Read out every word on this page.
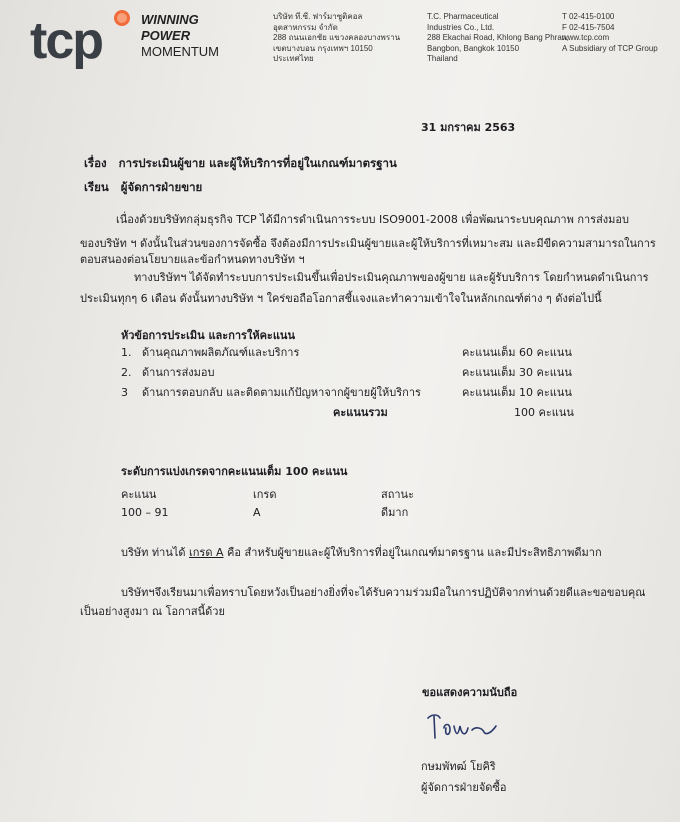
tcp	WINNING
POWER
MOMENTUM
บริษัท ที.ซี. ฟาร์มาซูติคอล
อุตสาหกรรม จำกัด
288 ถนนเอกชัย แขวงคลองบางพราน
เขตบางบอน กรุงเทพฯ 10150
ประเทศไทย
T.C. Pharmaceutical
Industries Co., Ltd.
288 Ekachai Road, Khlong Bang Phran,
Bangbon, Bangkok 10150
Thailand
T 02-415-0100
F 02-415-7504
www.tcp.com
A Subsidiary of TCP Group
31 มกราคม 2563
เรื่อง การประเมินผู้ขาย และผู้ให้บริการที่อยู่ในเกณฑ์มาตรฐาน
เรียน ผู้จัดการฝ่ายขาย
เนื่องด้วยบริษัทกลุ่มธุรกิจ TCP ได้มีการดำเนินการระบบ ISO9001-2008 เพื่อพัฒนาระบบคุณภาพ การส่งมอบ
ของบริษัท ฯ ดังนั้นในส่วนของการจัดซื้อ จึงต้องมีการประเมินผู้ขายและผู้ให้บริการที่เหมาะสม และมีขีดความสามารถในการ
ตอบสนองต่อนโยบายและข้อกำหนดทางบริษัท ฯ
ทางบริษัทฯ ได้จัดทำระบบการประเมินขึ้นเพื่อประเมินคุณภาพของผู้ขาย และผู้รับบริการ โดยกำหนดดำเนินการ
ประเมินทุกๆ 6 เดือน ดังนั้นทางบริษัท ฯ ใคร่ขอถือโอกาสชี้แจงและทำความเข้าใจในหลักเกณฑ์ต่าง ๆ ดังต่อไปนี้
หัวข้อการประเมิน และการให้คะแนน
1. ด้านคุณภาพผลิตภัณฑ์และบริการ	คะแนนเต็ม 60 คะแนน
2. ด้านการส่งมอบ	คะแนนเต็ม 30 คะแนน
3 ด้านการตอบกลับ และติดตามแก้ปัญหาจากผู้ขายผู้ให้บริการ	คะแนนเต็ม 10 คะแนน
คะแนนรวม	100 คะแนน
ระดับการแบ่งเกรดจากคะแนนเต็ม 100 คะแนน
คะแนน	เกรด	สถานะ
100 – 91	A	ดีมาก
บริษัท ท่านได้ เกรด A คือ สำหรับผู้ขายและผู้ให้บริการที่อยู่ในเกณฑ์มาตรฐาน และมีประสิทธิภาพดีมาก
บริษัทฯจึงเรียนมาเพื่อทราบโดยหวังเป็นอย่างยิ่งที่จะได้รับความร่วมมือในการปฏิบัติจากท่านด้วยดีและขอขอบคุณ
เป็นอย่างสูงมา ณ โอกาสนี้ด้วย
ขอแสดงความนับถือ
กษมพัทฒ์ โยคิริ
ผู้จัดการฝ่ายจัดซื้อ
